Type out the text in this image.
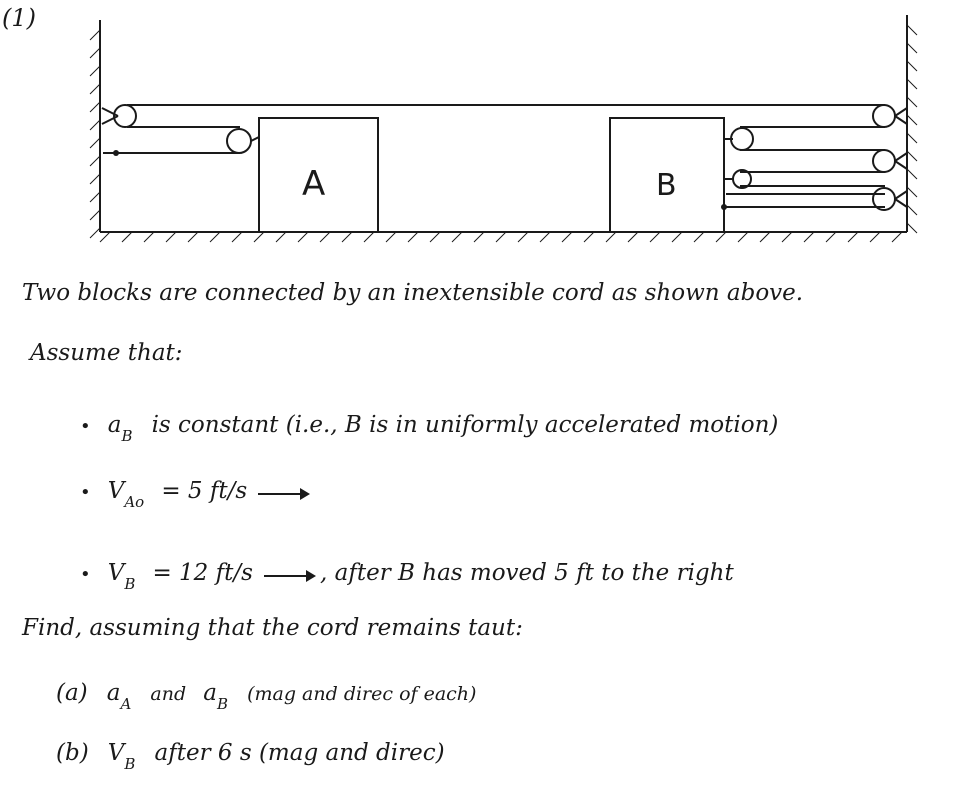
(1)
A	B
Two blocks are connected by an inextensible cord as shown above.
Assume that:
• aB is constant (i.e., B is in uniformly accelerated motion)
• VAo = 5 ft/s
• VB = 12 ft/s	, after B has moved 5 ft to the right
Find, assuming that the cord remains taut:
(a) aA and aB (mag and direc of each)
(b) VB after 6 s (mag and direc)
